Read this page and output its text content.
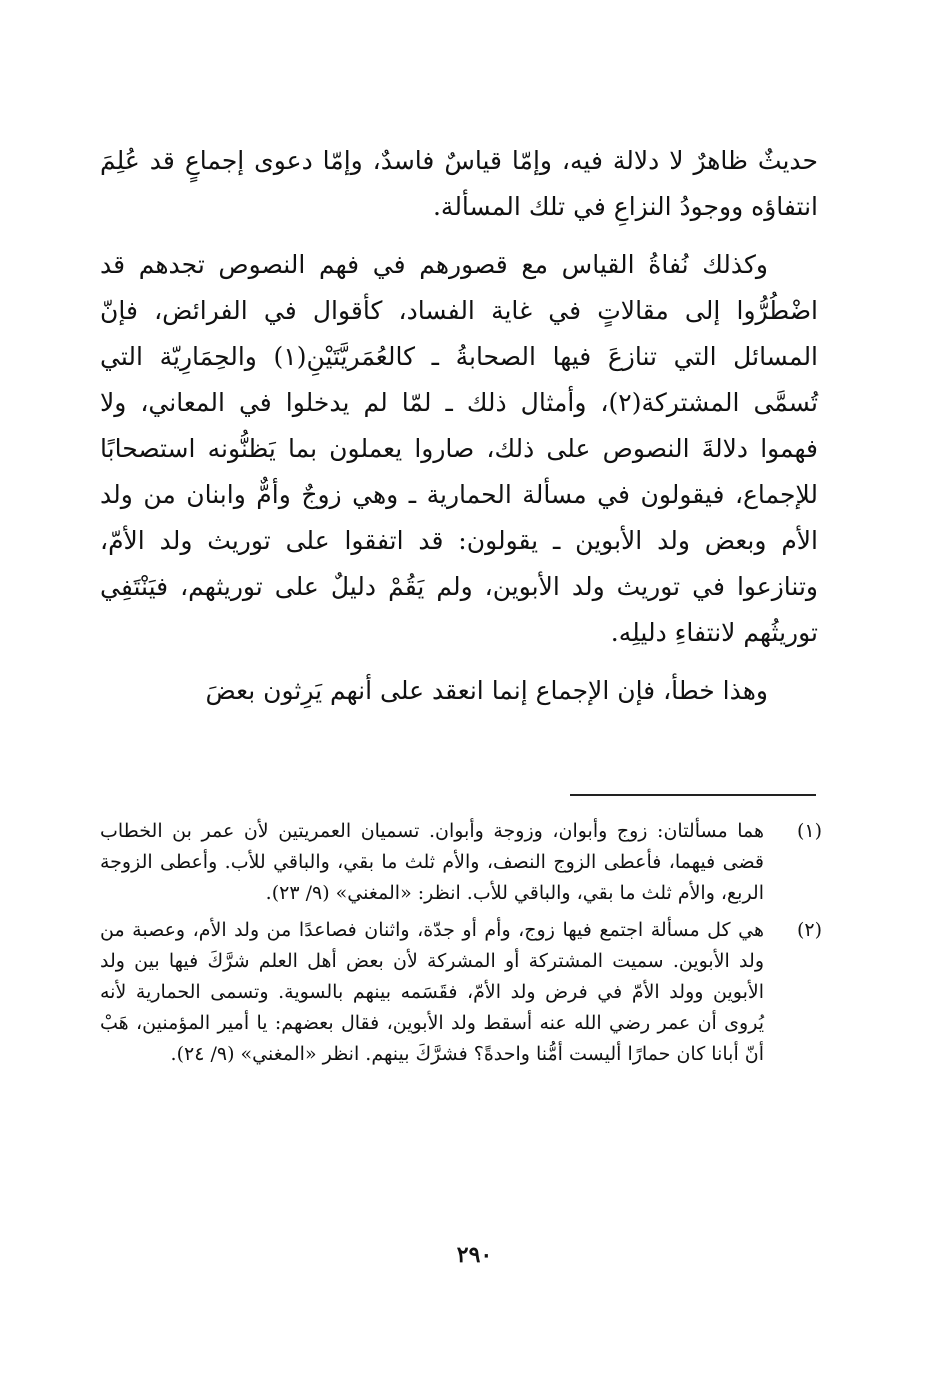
حديثٌ ظاهرٌ لا دلالة فيه، وإمّا قياسٌ فاسدٌ، وإمّا دعوى إجماعٍ قد عُلِمَ انتفاؤه ووجودُ النزاعِ في تلك المسألة.

وكذلك نُفاةُ القياس مع قصورهم في فهم النصوص تجدهم قد اضْطُرُّوا إلى مقالاتٍ في غاية الفساد، كأقوال في الفرائض، فإنّ المسائل التي تنازعَ فيها الصحابةُ ـ كالعُمَريَّتَيْنِ(١) والحِمَارِيّة التي تُسمَّى المشتركة(٢)، وأمثال ذلك ـ لمّا لم يدخلوا في المعاني، ولا فهموا دلالةَ النصوص على ذلك، صاروا يعملون بما يَظنُّونه استصحابًا للإجماع، فيقولون في مسألة الحمارية ـ وهي زوجٌ وأمٌّ وابنان من ولد الأم وبعض ولد الأبوين ـ يقولون: قد اتفقوا على توريث ولد الأمّ، وتنازعوا في توريث ولد الأبوين، ولم يَقُمْ دليلٌ على توريثهم، فيَنْتَفِي توريثُهم لانتفاءِ دليلِه.

وهذا خطأ، فإن الإجماع إنما انعقد على أنهم يَرِثون بعضَ

(١)
هما مسألتان: زوج وأبوان، وزوجة وأبوان. تسميان العمريتين لأن عمر بن الخطاب قضى فيهما، فأعطى الزوج النصف، والأم ثلث ما بقي، والباقي للأب. وأعطى الزوجة الربع، والأم ثلث ما بقي، والباقي للأب. انظر: «المغني» (٩/ ٢٣).
(٢)
هي كل مسألة اجتمع فيها زوج، وأم أو جدّة، واثنان فصاعدًا من ولد الأم، وعصبة من ولد الأبوين. سميت المشتركة أو المشركة لأن بعض أهل العلم شرَّكَ فيها بين ولد الأبوين وولد الأمّ في فرض ولد الأمّ، فقَسَمه بينهم بالسوية. وتسمى الحمارية لأنه يُروى أن عمر رضي الله عنه أسقط ولد الأبوين، فقال بعضهم: يا أمير المؤمنين، هَبْ أنّ أبانا كان حمارًا أليست أمُّنا واحدةً؟ فشرَّكَ بينهم. انظر «المغني» (٩/ ٢٤).
٢٩٠
